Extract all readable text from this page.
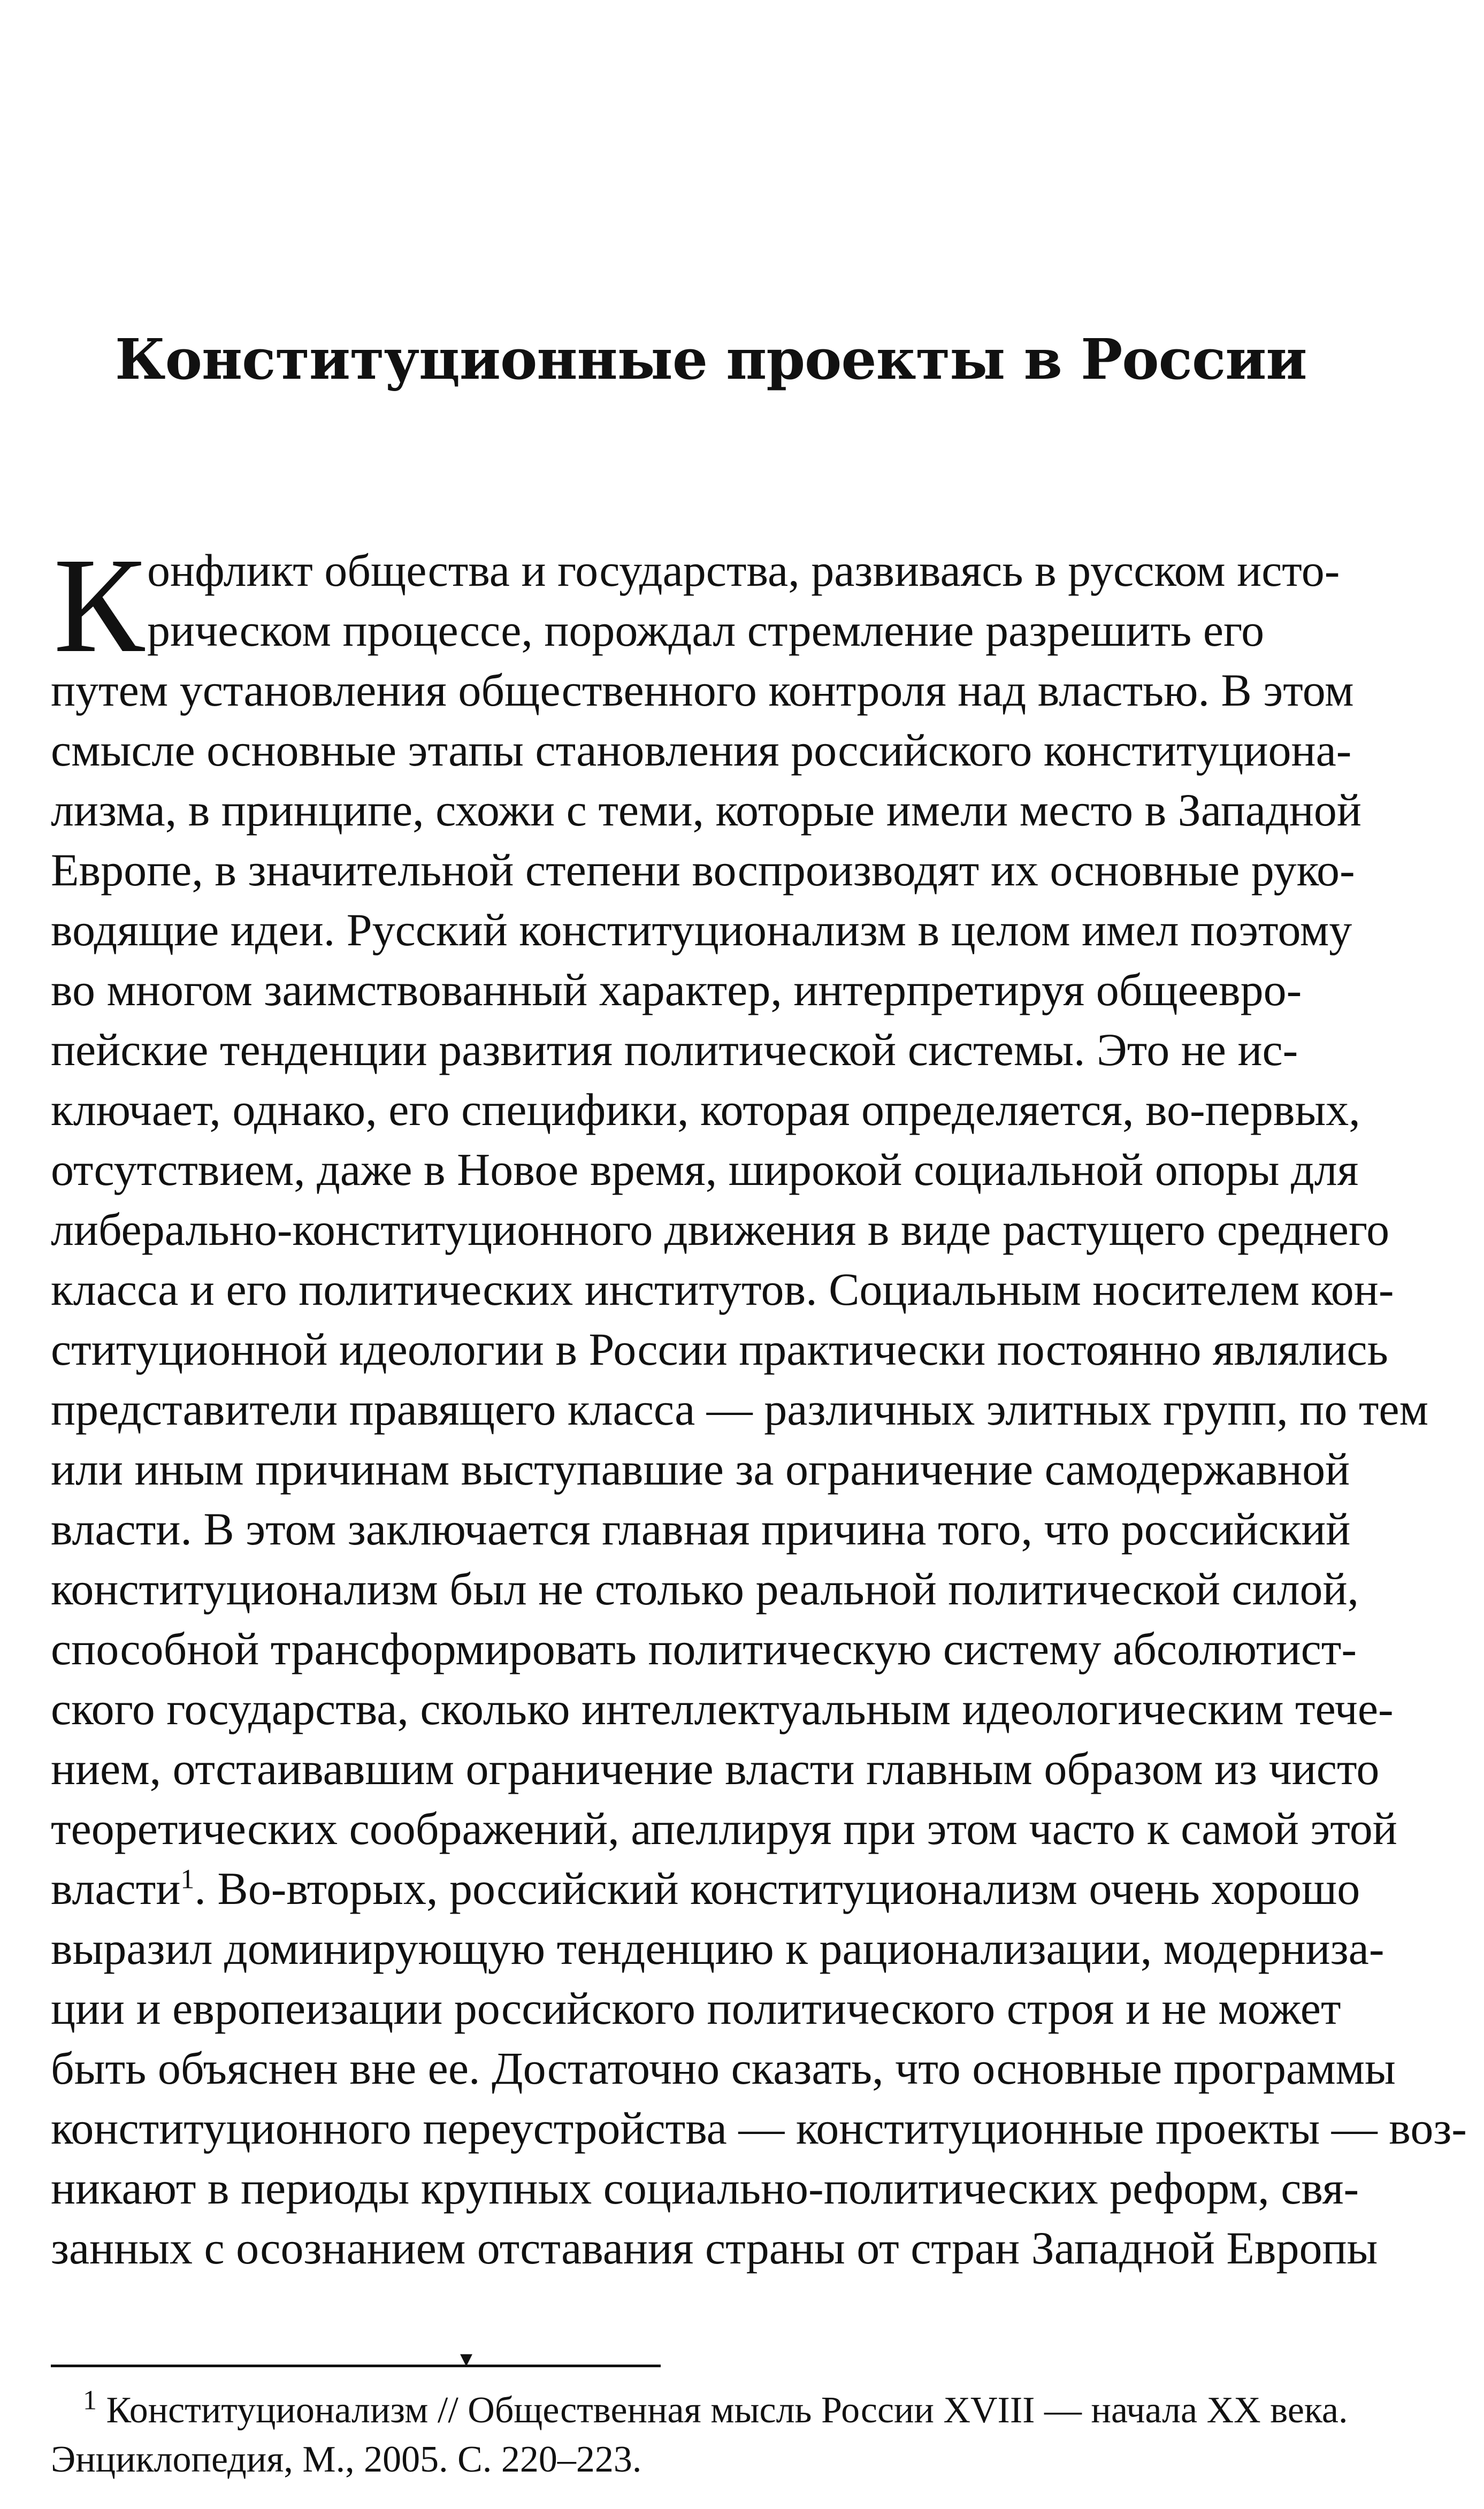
Конституционные проекты в России
К онфликт общества и государства, развиваясь в русском исто-
рическом процессе, порождал стремление разрешить его
путем установления общественного контроля над властью. В этом
смысле основные этапы становления российского конституциона-
лизма, в принципе, схожи с теми, которые имели место в Западной
Европе, в значительной степени воспроизводят их основные руко-
водящие идеи. Русский конституционализм в целом имел поэтому
во многом заимствованный характер, интерпретируя общеевро-
пейские тенденции развития политической системы. Это не ис-
ключает, однако, его специфики, которая определяется, во-первых,
отсутствием, даже в Новое время, широкой социальной опоры для
либерально-конституционного движения в виде растущего среднего
класса и его политических институтов. Социальным носителем кон-
ституционной идеологии в России практически постоянно являлись
представители правящего класса — различных элитных групп, по тем
или иным причинам выступавшие за ограничение самодержавной
власти. В этом заключается главная причина того, что российский
конституционализм был не столько реальной политической силой,
способной трансформировать политическую систему абсолютист-
ского государства, сколько интеллектуальным идеологическим тече-
нием, отстаивавшим ограничение власти главным образом из чисто
теоретических соображений, апеллируя при этом часто к самой этой
власти$^1$. Во-вторых, российский конституционализм очень хорошо
выразил доминирующую тенденцию к рационализации, модерниза-
ции и европеизации российского политического строя и не может
быть объяснен вне ее. Достаточно сказать, что основные программы
конституционного переустройства — конституционные проекты — воз-
никают в периоды крупных социально-политических реформ, свя-
занных с осознанием отставания страны от стран Западной Европы
▾
$^1$ Конституционализм // Общественная мысль России XVIII — начала XX века.
Энциклопедия, М., 2005. С. 220–223.
